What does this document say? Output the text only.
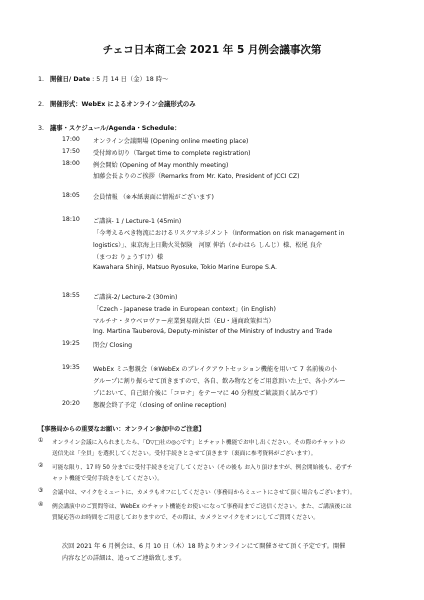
チェコ日本商工会 2021 年 5 月例会議事次第
1. 開催日/ Date : 5 月 14 日（金）18 時～
2. 開催形式：WebEx によるオンライン会議形式のみ
3. 議事・スケジュール/Agenda・Schedule：
17:00 オンライン会議開場 (Opening online meeting place)
17:50 受付締め切り（Target time to complete registration)
18:00 例会開始 (Opening of May monthly meeting)
加藤会長よりのご挨拶（Remarks from Mr. Kato, President of JCCI CZ)
18:05 会員情報 （※本紙裏面に情報がございます)
18:10 ご講演- 1 / Lecture-1 (45min)
「今考えるべき物流におけるリスクマネジメント（Information on risk management in
logistics）」、東京海上日動火災保険　河原 伸治（かわはら しんじ）様、松尾 良介
（まつお りょうすけ）様
Kawahara Shinji, Matsuo Ryosuke, Tokio Marine Europe S.A.
18:55 ご講演-2/ Lecture-2 (30min)
「Czech - Japanese trade in European context」(in English)
マルチナ・タウベロヴァー産業貿易副大臣（EU・通商政策担当）
Ing. Martina Tauberová, Deputy-minister of the Ministry of Industry and Trade
19:25 閉会/ Closing
19:35 WebEx ミニ懇親会（※WebEx のブレイクアウトセッション機能を用いて 7 名前後の小
グループに割り振らせて頂きますので、各自、飲み物などをご用意頂いた上で、各小グルー
プにおいて、自己紹介後に「コロナ」をテーマに 40 分程度ご歓談頂く試みです）
20:20 懇親会終了予定（closing of online reception)
【事務局からの重要なお願い：オンライン参加中のご注意】
① オンライン会議に入られましたら、「O▽□社の◎◇です」とチャット機能でお申し出ください。その際のチャットの
送信先は「全員」を選択してください。受付手続きとさせて頂きます（裏面に参考資料がございます）。
② 可能な限り、17 時 50 分までに受付手続きを完了してください（その後も お入り頂けますが、例会開始後も、必ずチ
ャット機能で受付手続きをしてください）。
③ 会議中は、マイクをミュートに、カメラもオフにしてください（事務局からミュートにさせて頂く場合もございます）。
④ 例会講演中のご質問等は、WebEx のチャット機能をお使いになって事務局までご送信ください。また、ご講演後には
質疑応答のお時間をご用意しておりますので、その際は、カメラとマイクをオンにしてご質問ください。
次回 2021 年 6 月例会は、6 月 10 日（木）18 時よりオンラインにて開催させて頂く予定です。開催
内容などの詳細は、追ってご連絡致します。
